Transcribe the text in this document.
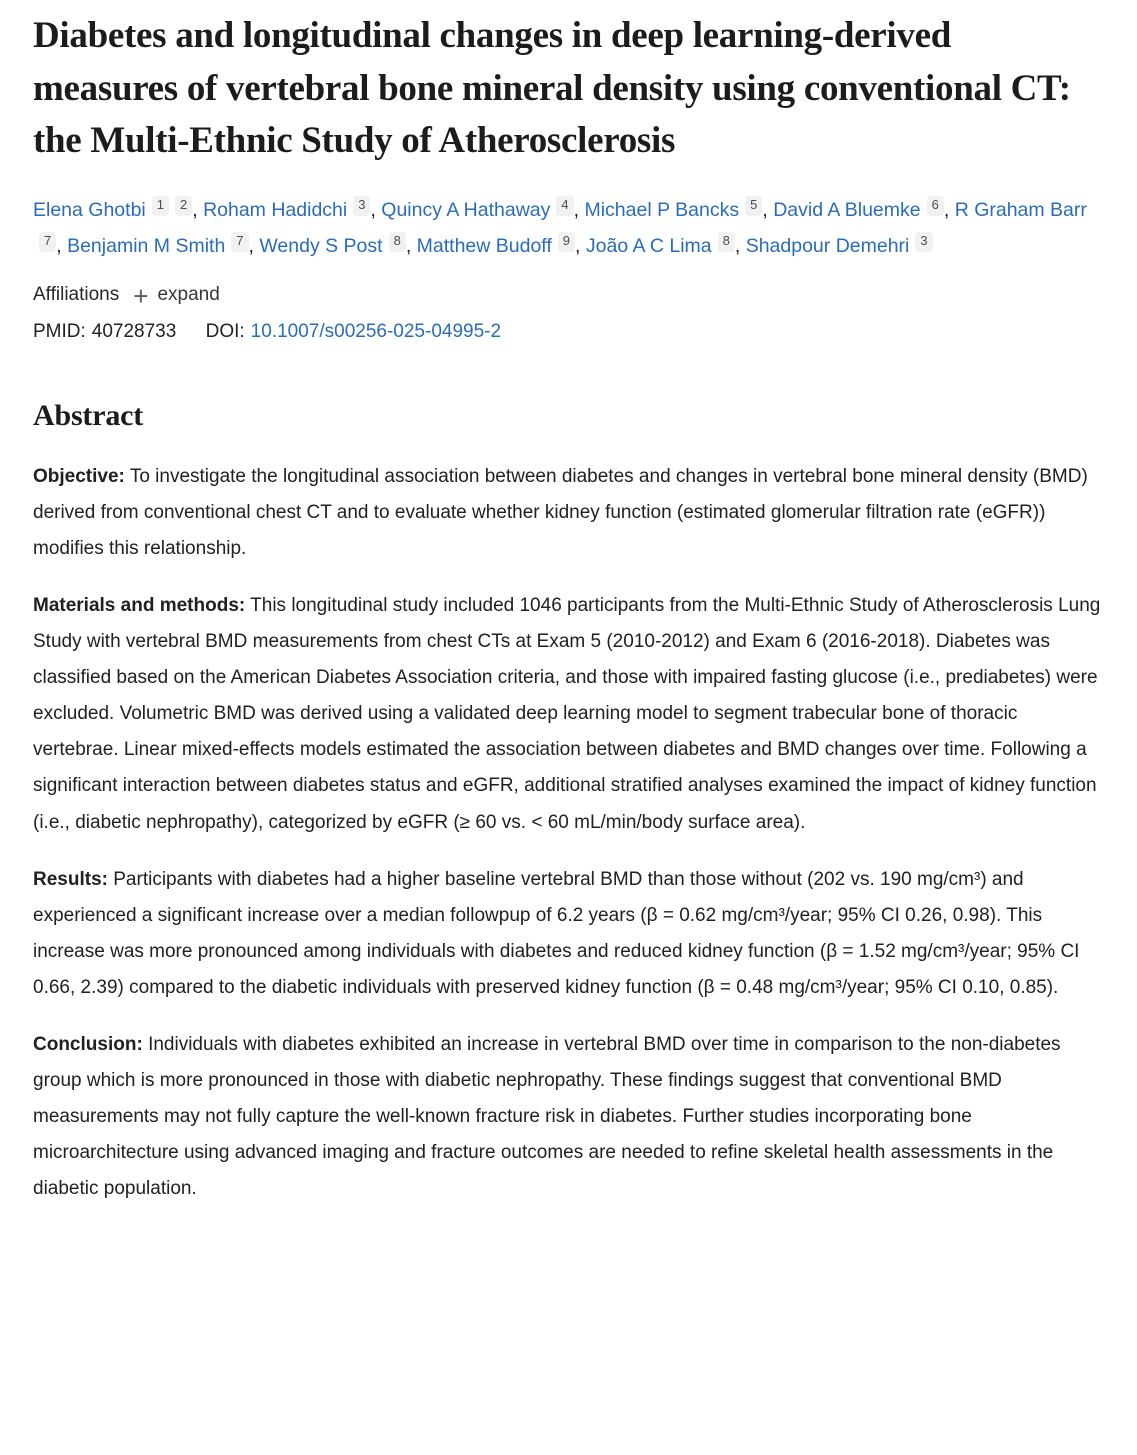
Diabetes and longitudinal changes in deep learning-derived measures of vertebral bone mineral density using conventional CT: the Multi-Ethnic Study of Atherosclerosis
Elena Ghotbi 1 2 , Roham Hadidchi 3 , Quincy A Hathaway 4 , Michael P Bancks 5 , David A Bluemke 6 , R Graham Barr7 , Benjamin M Smith 7 , Wendy S Post 8 , Matthew Budoff 9 , João A C Lima 8 , Shadpour Demehri 3
Affiliations + expand
PMID: 40728733 DOI: 10.1007/s00256-025-04995-2
Abstract

Objective: To investigate the longitudinal association between diabetes and changes in vertebral bone mineral density (BMD) derived from conventional chest CT and to evaluate whether kidney function (estimated glomerular filtration rate (eGFR)) modifies this relationship.

Materials and methods: This longitudinal study included 1046 participants from the Multi-Ethnic Study of Atherosclerosis Lung Study with vertebral BMD measurements from chest CTs at Exam 5 (2010-2012) and Exam 6 (2016-2018). Diabetes was classified based on the American Diabetes Association criteria, and those with impaired fasting glucose (i.e., prediabetes) were excluded. Volumetric BMD was derived using a validated deep learning model to segment trabecular bone of thoracic vertebrae. Linear mixed-effects models estimated the association between diabetes and BMD changes over time. Following a significant interaction between diabetes status and eGFR, additional stratified analyses examined the impact of kidney function (i.e., diabetic nephropathy), categorized by eGFR (≥ 60 vs. < 60 mL/min/body surface area).

Results: Participants with diabetes had a higher baseline vertebral BMD than those without (202 vs. 190 mg/cm³) and experienced a significant increase over a median followpup of 6.2 years (β = 0.62 mg/cm³/year; 95% CI 0.26, 0.98). This increase was more pronounced among individuals with diabetes and reduced kidney function (β = 1.52 mg/cm³/year; 95% CI 0.66, 2.39) compared to the diabetic individuals with preserved kidney function (β = 0.48 mg/cm³/year; 95% CI 0.10, 0.85).

Conclusion: Individuals with diabetes exhibited an increase in vertebral BMD over time in comparison to the non-diabetes group which is more pronounced in those with diabetic nephropathy. These findings suggest that conventional BMD measurements may not fully capture the well-known fracture risk in diabetes. Further studies incorporating bone microarchitecture using advanced imaging and fracture outcomes are needed to refine skeletal health assessments in the diabetic population.
